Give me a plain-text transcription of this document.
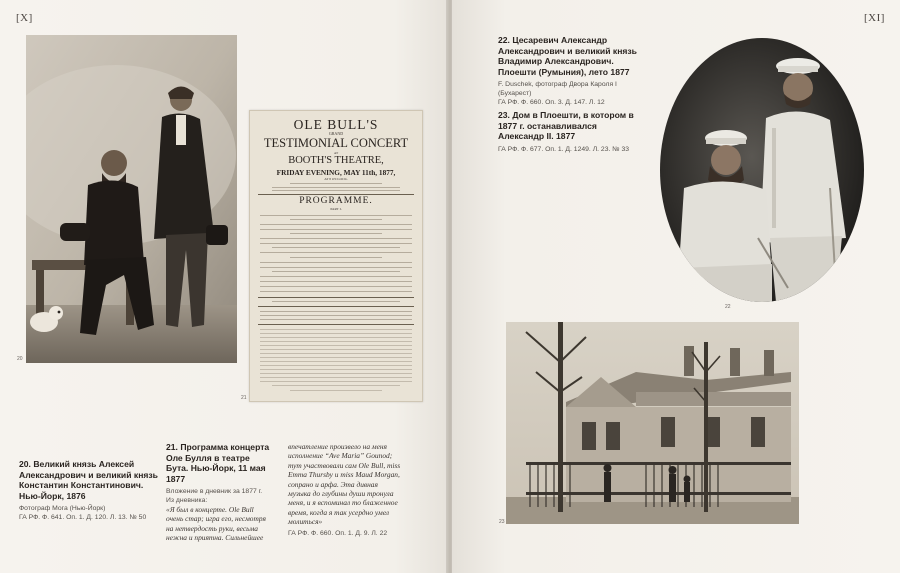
[X]
20
OLE BULL'S
GRAND
TESTIMONIAL CONCERT
AT
BOOTH'S THEATRE,
FRIDAY EVENING, MAY 11th, 1877,
AT 8 O'CLOCK.
PROGRAMME.
PART I.
21
20. Великий князь Алексей Александрович и великий князь Константин Константинович. Нью-Йорк, 1876
Фотограф Мога (Нью-Йорк)
ГА РФ. Ф. 641. Оп. 1. Д. 120. Л. 13. № 50
21. Программа концерта Оле Булля в театре Бута. Нью-Йорк, 11 мая 1877
Вложение в дневник за 1877 г. Из дневника:
«Я был в концерте. Ole Bull очень стар; игра его, несмотря на нетвердость руки, весьма нежна и приятна. Сильнейшее
впечатление произвело на меня исполнение “Ave Maria” Gounod; тут участвовали сам Ole Bull, miss Emma Thursby и miss Maud Morgan, сопрано и арфа. Эта дивная музыка до глубины души тронула меня, и я вспоминал то блаженное время, когда я так усердно умел молиться»
ГА РФ. Ф. 660. Оп. 1. Д. 9. Л. 22
[XI]
22. Цесаревич Александр Александрович и великий князь Владимир Александрович. Плоешти (Румыния), лето 1877
F. Duschek, фотограф Двора Кароля I (Бухарест)
ГА РФ. Ф. 660. Оп. 3. Д. 147. Л. 12
23. Дом в Плоешти, в котором в 1877 г. останавливался Александр II. 1877
ГА РФ. Ф. 677. Оп. 1. Д. 1249. Л. 23. № 33
22
23
